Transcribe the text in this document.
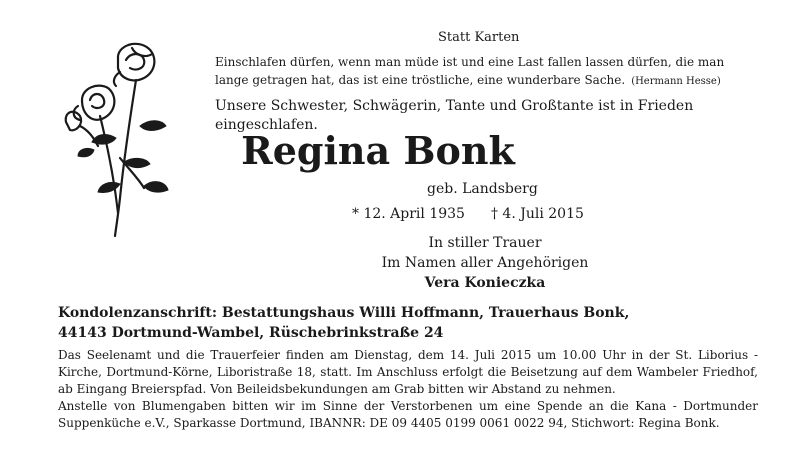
Statt Karten
Einschlafen dürfen, wenn man müde ist und eine Last fallen lassen dürfen, die man lange getragen hat, das ist eine tröstliche, eine wunderbare Sache. (Hermann Hesse)
Unsere Schwester, Schwägerin, Tante und Großtante ist in Frieden eingeschlafen.
Regina Bonk
geb. Landsberg
* 12. April 1935 † 4. Juli 2015
In stiller Trauer
Im Namen aller Angehörigen
Vera Konieczka
Kondolenzanschrift: Bestattungshaus Willi Hoffmann, Trauerhaus Bonk,
44143 Dortmund-Wambel, Rüschebrinkstraße 24
Das Seelenamt und die Trauerfeier finden am Dienstag, dem 14. Juli 2015 um 10.00 Uhr in der St. Liborius - Kirche, Dortmund-Körne, Liboristraße 18, statt. Im Anschluss erfolgt die Beisetzung auf dem Wambeler Friedhof, ab Eingang Breierspfad. Von Beileidsbekundungen am Grab bitten wir Abstand zu nehmen.
Anstelle von Blumengaben bitten wir im Sinne der Verstorbenen um eine Spende an die Kana - Dortmunder Suppenküche e.V., Sparkasse Dortmund, IBANNR: DE 09 4405 0199 0061 0022 94, Stichwort: Regina Bonk.
